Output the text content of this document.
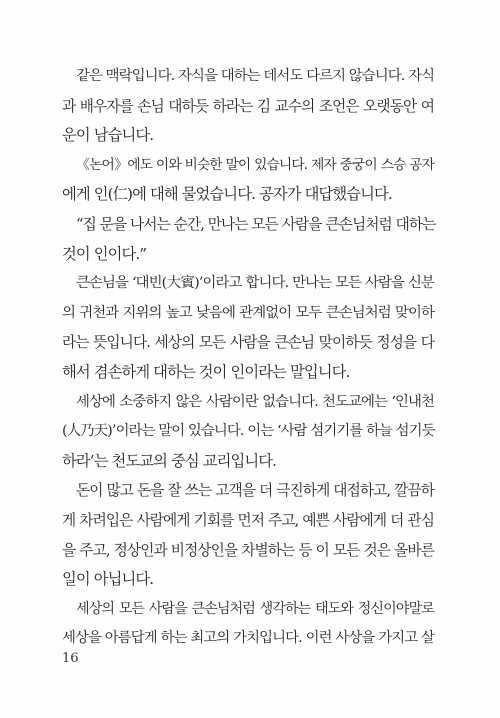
같은 맥락입니다. 자식을 대하는 데서도 다르지 않습니다. 자식
과 배우자를 손님 대하듯 하라는 김 교수의 조언은 오랫동안 여
운이 남습니다.
《논어》에도 이와 비슷한 말이 있습니다. 제자 중궁이 스승 공자
에게 인(仁)에 대해 물었습니다. 공자가 대답했습니다.
“집 문을 나서는 순간, 만나는 모든 사람을 큰손님처럼 대하는
것이 인이다.”
큰손님을 ‘대빈(大賓)’이라고 합니다. 만나는 모든 사람을 신분
의 귀천과 지위의 높고 낮음에 관계없이 모두 큰손님처럼 맞이하
라는 뜻입니다. 세상의 모든 사람을 큰손님 맞이하듯 정성을 다
해서 겸손하게 대하는 것이 인이라는 말입니다.
세상에 소중하지 않은 사람이란 없습니다. 천도교에는 ‘인내천
(人乃天)’이라는 말이 있습니다. 이는 ‘사람 섬기기를 하늘 섬기듯
하라’는 천도교의 중심 교리입니다.
돈이 많고 돈을 잘 쓰는 고객을 더 극진하게 대접하고, 깔끔하
게 차려입은 사람에게 기회를 먼저 주고, 예쁜 사람에게 더 관심
을 주고, 정상인과 비정상인을 차별하는 등 이 모든 것은 올바른
일이 아닙니다.
세상의 모든 사람을 큰손님처럼 생각하는 태도와 정신이야말로
세상을 아름답게 하는 최고의 가치입니다. 이런 사상을 가지고 살
16
